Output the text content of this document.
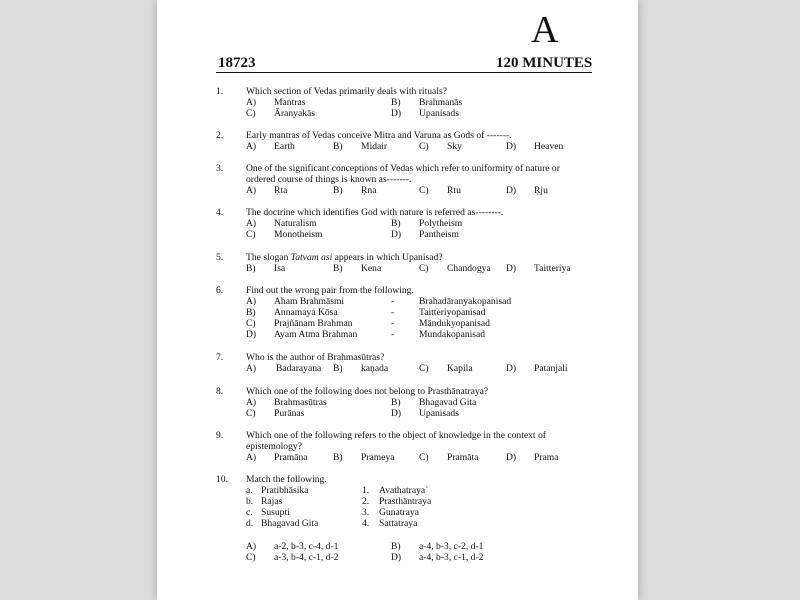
A
18723	120 MINUTES
1. Which section of Vedas primarily deals with rituals?
A) Mantras	B) Brahmanās
C) Āranyakās	D) Upanisads
2. Early mantras of Vedas conceive Mitra and Varuna as Gods of -------.
A) Earth	B) Midair	C) Sky	D) Heaven
3. One of the significant conceptions of Vedas which refer to uniformity of nature or
ordered course of things is known as-------.
A) Ṛta	B) Ṛna	C) Ṛtu	D) Ṛju
4. The doctrine which identifies God with nature is referred as--------.
A) Naturalism	B) Polytheism
C) Monotheism	D) Pantheism
5. The slogan Tatvam asi appears in which Upanisad?
B) Isa	B) Kena	C) Chandogya D) Taitteriya
6. Find out the wrong pair from the following.
A) Aham Brahmāsmi	-	Brahadāranyakopanisad
B) Annamaya Kōsa	-	Taitteriyopanisad
C) Prajñānam Brahman	-	Māndukyopanisad
D) Ayam Atma Brahman	-	Mundakopanisad
7. Who is the author of Brahmasūtras?
A) Badarayana B) kaṇada	C) Kapila	D) Patanjali
8. Which one of the following does not belong to Prasthānatraya?
A) Brahmasūtras	B) Bhagavad Gita
C) Purānas	D) Upanisads
9. Which one of the following refers to the object of knowledge in the context of
epistemology?
A) Pramāna	B) Prameya	C) Pramāta	D) Prama
10. Match the following.
a. Pratibhāsika	1. Avathatraya`
b. Rajas	2. Prasthāntraya
c. Susupti	3. Gunatraya
d. Bhagavad Gita	4. Sattatraya
A) a-2, b-3, c-4, d-1	B) a-4, b-3, c-2, d-1
C) a-3, b-4, c-1, d-2	D) a-4, b-3, c-1, d-2
